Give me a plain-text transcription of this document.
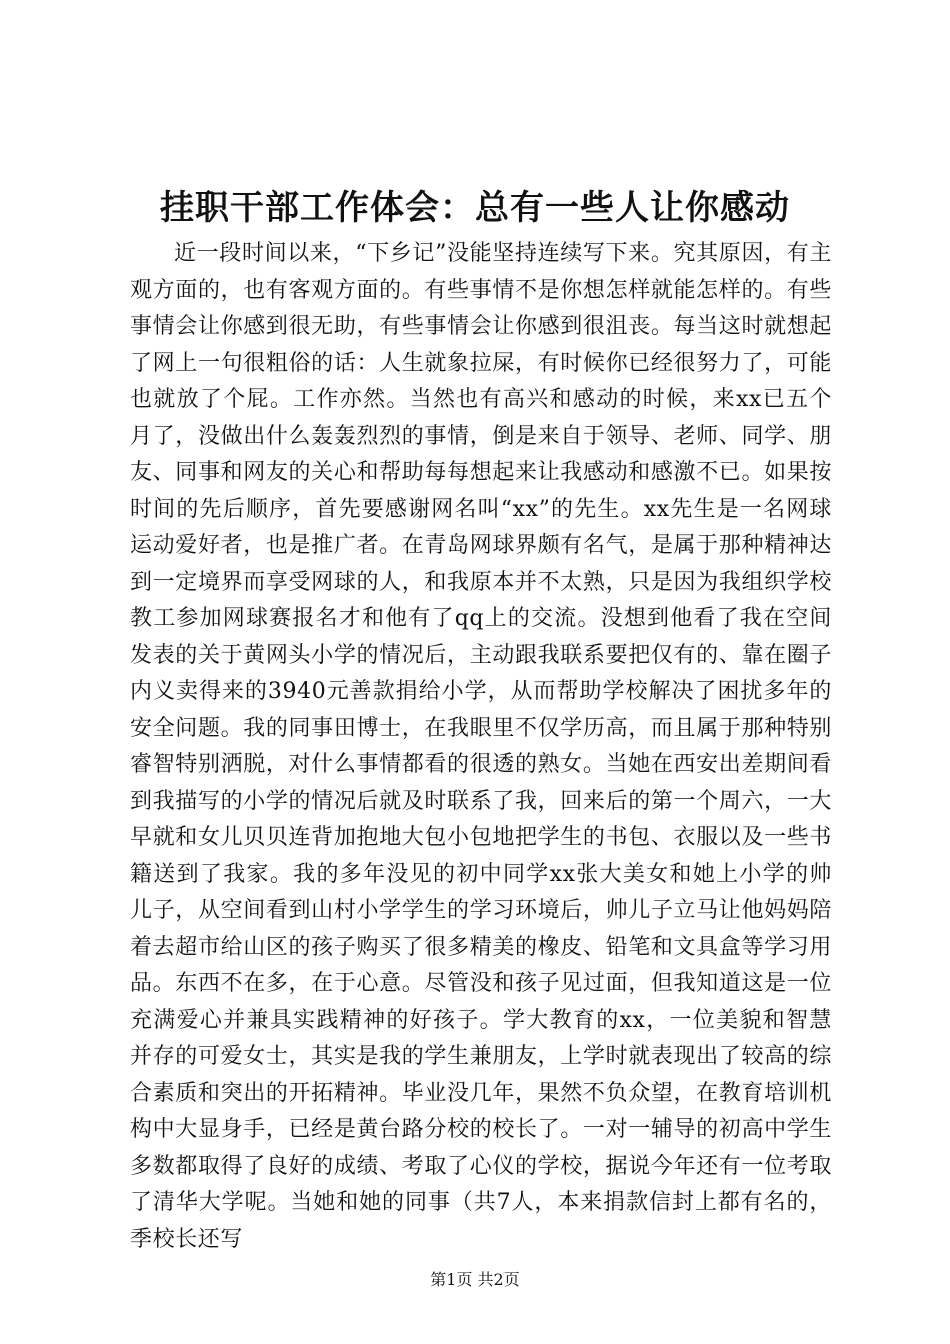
挂职干部工作体会：总有一些人让你感动

近一段时间以来，“下乡记”没能坚持连续写下来。究其原因，有主观方面的，也有客观方面的。有些事情不是你想怎样就能怎样的。有些事情会让你感到很无助，有些事情会让你感到很沮丧。每当这时就想起了网上一句很粗俗的话：人生就象拉屎，有时候你已经很努力了，可能也就放了个屁。工作亦然。当然也有高兴和感动的时候，来xx已五个月了，没做出什么轰轰烈烈的事情，倒是来自于领导、老师、同学、朋友、同事和网友的关心和帮助每每想起来让我感动和感激不已。如果按时间的先后顺序，首先要感谢网名叫“xx”的先生。xx先生是一名网球运动爱好者，也是推广者。在青岛网球界颇有名气，是属于那种精神达到一定境界而享受网球的人，和我原本并不太熟，只是因为我组织学校教工参加网球赛报名才和他有了qq上的交流。没想到他看了我在空间发表的关于黄网头小学的情况后，主动跟我联系要把仅有的、靠在圈子内义卖得来的3940元善款捐给小学，从而帮助学校解决了困扰多年的安全问题。我的同事田博士，在我眼里不仅学历高，而且属于那种特别睿智特别洒脱，对什么事情都看的很透的熟女。当她在西安出差期间看到我描写的小学的情况后就及时联系了我，回来后的第一个周六，一大早就和女儿贝贝连背加抱地大包小包地把学生的书包、衣服以及一些书籍送到了我家。我的多年没见的初中同学xx张大美女和她上小学的帅儿子，从空间看到山村小学学生的学习环境后，帅儿子立马让他妈妈陪着去超市给山区的孩子购买了很多精美的橡皮、铅笔和文具盒等学习用品。东西不在多，在于心意。尽管没和孩子见过面，但我知道这是一位充满爱心并兼具实践精神的好孩子。学大教育的xx，一位美貌和智慧并存的可爱女士，其实是我的学生兼朋友，上学时就表现出了较高的综合素质和突出的开拓精神。毕业没几年，果然不负众望，在教育培训机构中大显身手，已经是黄台路分校的校长了。一对一辅导的初高中学生多数都取得了良好的成绩、考取了心仪的学校，据说今年还有一位考取了清华大学呢。当她和她的同事（共7人，本来捐款信封上都有名的，季校长还写

第1页 共2页
